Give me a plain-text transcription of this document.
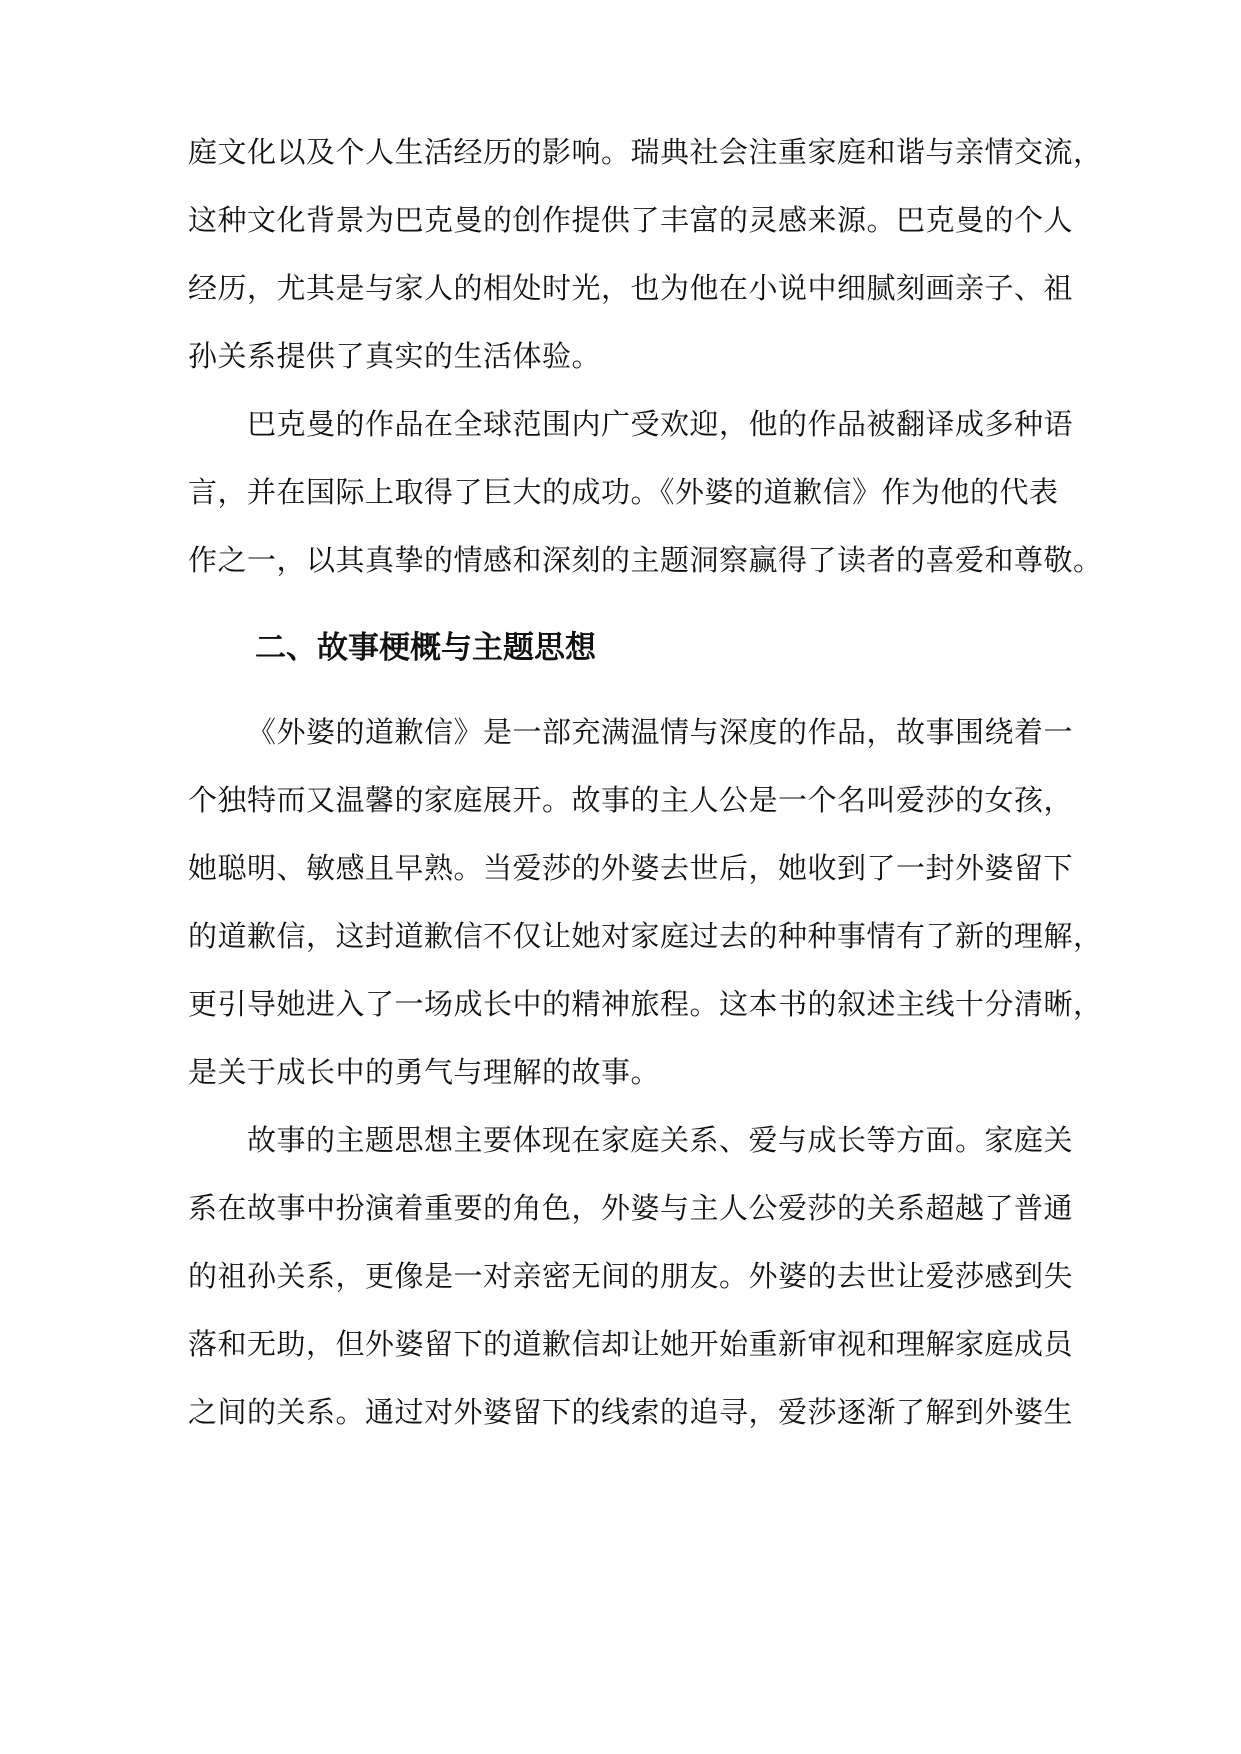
庭文化以及个人生活经历的影响。瑞典社会注重家庭和谐与亲情交流，
这种文化背景为巴克曼的创作提供了丰富的灵感来源。巴克曼的个人
经历，尤其是与家人的相处时光，也为他在小说中细腻刻画亲子、祖
孙关系提供了真实的生活体验。
巴克曼的作品在全球范围内广受欢迎，他的作品被翻译成多种语
言，并在国际上取得了巨大的成功。《外婆的道歉信》作为他的代表
作之一，以其真挚的情感和深刻的主题洞察赢得了读者的喜爱和尊敬。
二、故事梗概与主题思想
《外婆的道歉信》是一部充满温情与深度的作品，故事围绕着一
个独特而又温馨的家庭展开。故事的主人公是一个名叫爱莎的女孩，
她聪明、敏感且早熟。当爱莎的外婆去世后，她收到了一封外婆留下
的道歉信，这封道歉信不仅让她对家庭过去的种种事情有了新的理解，
更引导她进入了一场成长中的精神旅程。这本书的叙述主线十分清晰，
是关于成长中的勇气与理解的故事。
故事的主题思想主要体现在家庭关系、爱与成长等方面。家庭关
系在故事中扮演着重要的角色，外婆与主人公爱莎的关系超越了普通
的祖孙关系，更像是一对亲密无间的朋友。外婆的去世让爱莎感到失
落和无助，但外婆留下的道歉信却让她开始重新审视和理解家庭成员
之间的关系。通过对外婆留下的线索的追寻，爱莎逐渐了解到外婆生
